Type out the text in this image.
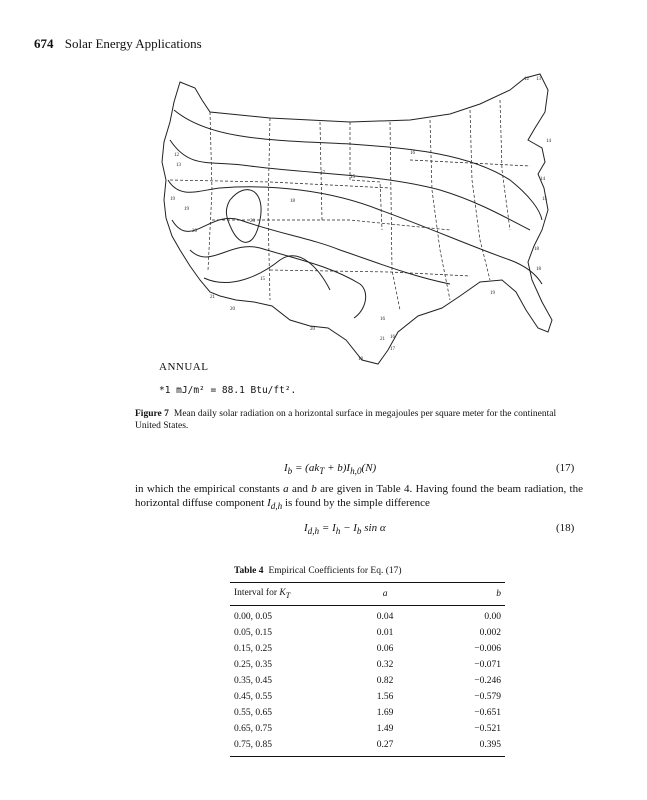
674 Solar Energy Applications
12 13
12
13
14
15
14
15
16
15
17
18
19
20
20
20
21
18
16
17
16
18
19
19
20
21
18
ANNUAL
*1 mJ/m² = 88.1 Btu/ft².
Figure 7 Mean daily solar radiation on a horizontal surface in megajoules per square meter for the continental United States.
$I_b = (ak_T + b)I_{h,0}(N)$	(17)
in which the empirical constants a and b are given in Table 4. Having found the beam radiation, the horizontal diffuse component $I_{d,h}$ is found by the simple difference
$I_{d,h} = I_h - I_b$ sin α	(18)
Table 4 Empirical Coefficients for Eq. (17)
Interval for $K_T$	a	b
0.00, 0.05	0.04	0.00
0.05, 0.15	0.01	0.002
0.15, 0.25	0.06	−0.006
0.25, 0.35	0.32	−0.071
0.35, 0.45	0.82	−0.246
0.45, 0.55	1.56	−0.579
0.55, 0.65	1.69	−0.651
0.65, 0.75	1.49	−0.521
0.75, 0.85	0.27	0.395
